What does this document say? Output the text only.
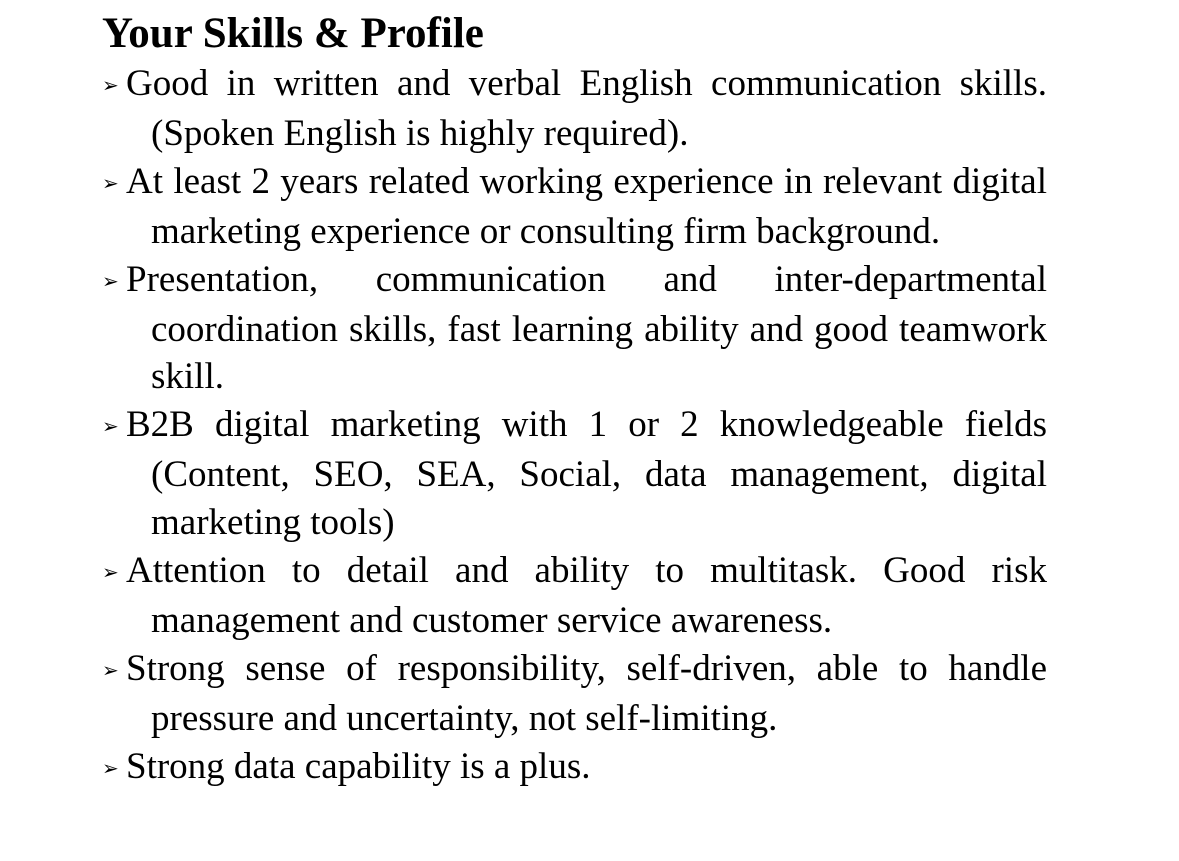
Your Skills & Profile
➢ Good in written and verbal English communication skills. (Spoken English is highly required).
➢ At least 2 years related working experience in relevant digital marketing experience or consulting firm background.
➢ Presentation, communication and inter-departmental coordination skills, fast learning ability and good teamwork skill.
➢ B2B digital marketing with 1 or 2 knowledgeable fields (Content, SEO, SEA, Social, data management, digital marketing tools)
➢ Attention to detail and ability to multitask. Good risk management and customer service awareness.
➢ Strong sense of responsibility, self-driven, able to handle pressure and uncertainty, not self-limiting.
➢ Strong data capability is a plus.
